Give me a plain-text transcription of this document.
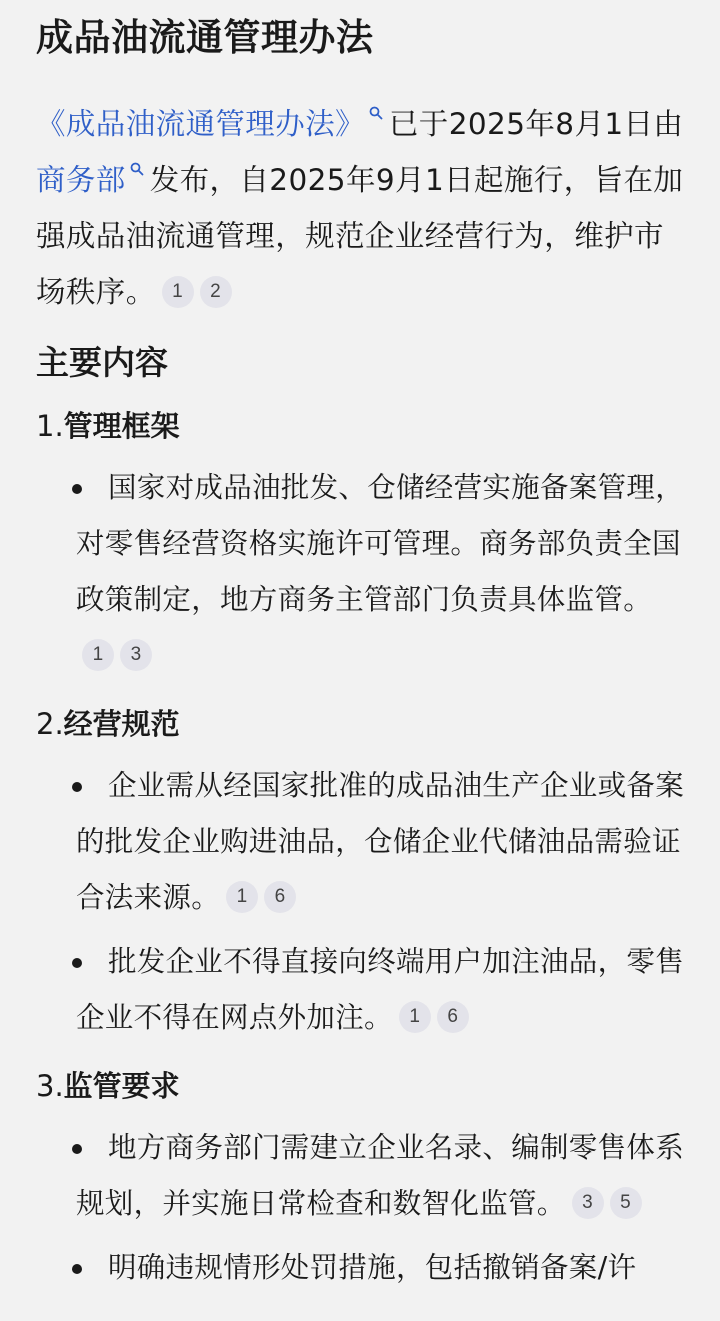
成品油流通管理办法
《成品油流通管理办法》 已于2025年8月1日由
商务部 发布，自2025年9月1日起施行，旨在加强成品油流通管理，规范企业经营行为，维护市场秩序。 1 2
主要内容
1.管理框架
国家对成品油批发、仓储经营实施备案管理，对零售经营资格实施许可管理。商务部负责全国政策制定，地方商务主管部门负责具体监管。1 3
2.经营规范
企业需从经国家批准的成品油生产企业或备案的批发企业购进油品，仓储企业代储油品需验证合法来源。 1 6
批发企业不得直接向终端用户加注油品，零售企业不得在网点外加注。 1 6
3.监管要求
地方商务部门需建立企业名录、编制零售体系规划，并实施日常检查和数智化监管。 3 5
明确违规情形处罚措施，包括撤销备案/许
